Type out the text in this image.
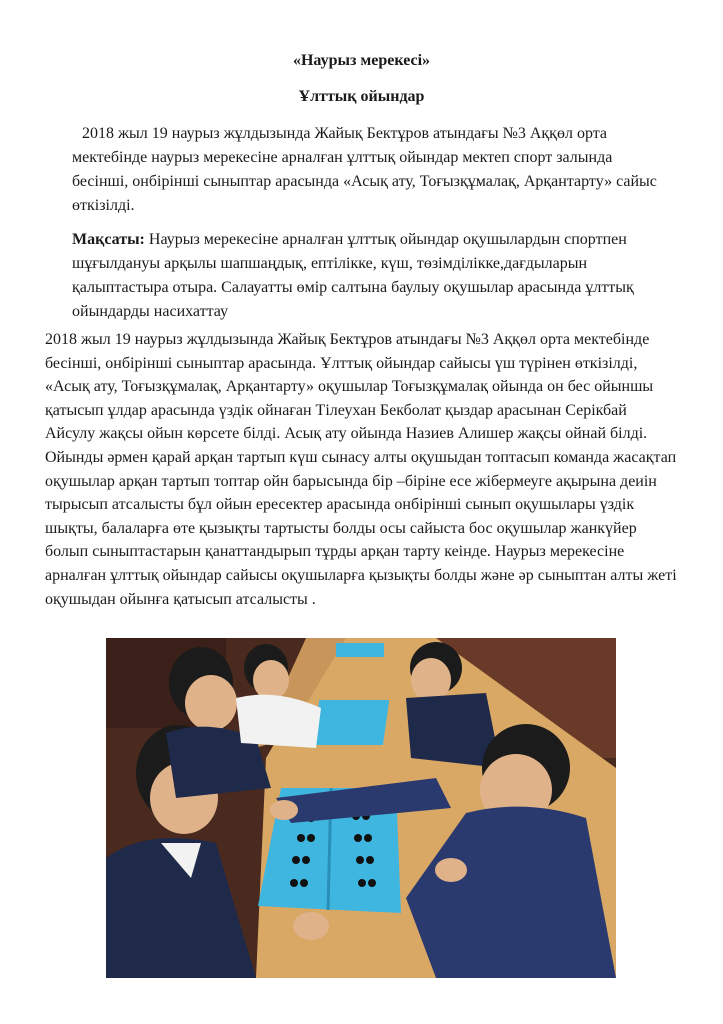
«Наурыз мерекесі»
Ұлттық ойындар
2018 жыл 19 наурыз жұлдызында Жайық Бектұров атындағы №3 Аққөл орта мектебінде наурыз мерекесіне арналған ұлттық ойындар мектеп спорт залында бесінші, онбірінші сыныптар арасында «Асық ату, Тоғызқұмалақ, Арқантарту» сайыс өткізілді.
Мақсаты: Наурыз мерекесіне арналған ұлттық ойындар оқушылардын спортпен шұғылдануы арқылы шапшаңдық, ептілікке, күш, төзімділікке,дағдыларын қалыптастыра отыра. Салауатты өмір салтына баулыу оқушылар арасында ұлттық ойындарды насихаттау
2018 жыл 19 наурыз жұлдызында Жайық Бектұров атындағы №3 Аққөл орта мектебінде бесінші, онбірінші сыныптар арасында. Ұлттық ойындар сайысы үш түрінен өткізілді, «Асық ату, Тоғызқұмалақ, Арқантарту» оқушылар Тоғызқұмалақ ойында он бес ойыншы қатысып ұлдар арасында үздік ойнаған Тілеухан Бекболат қыздар арасынан Серікбай Айсулу жақсы ойын көрсете білді. Асық ату ойында Назиев Алишер жақсы ойнай білді. Ойынды әрмен қарай арқан тартып күш сынасу алты оқушыдан топтасып команда жасақтап оқушылар арқан тартып топтар ойн барысында бір –біріне есе жібермеуге ақырына деиін тырысып атсалысты бұл ойын ересектер арасында онбірінші сынып оқушылары үздік шықты, балаларға өте қызықты тартысты болды осы сайыста бос оқушылар жанкүйер болып сыныптастарын қанаттандырып тұрды арқан тарту кеінде. Наурыз мерекесіне арналған ұлттық ойындар сайысы оқушыларға қызықты болды және әр сыныптан алты жеті оқушыдан ойынға қатысып атсалысты .
